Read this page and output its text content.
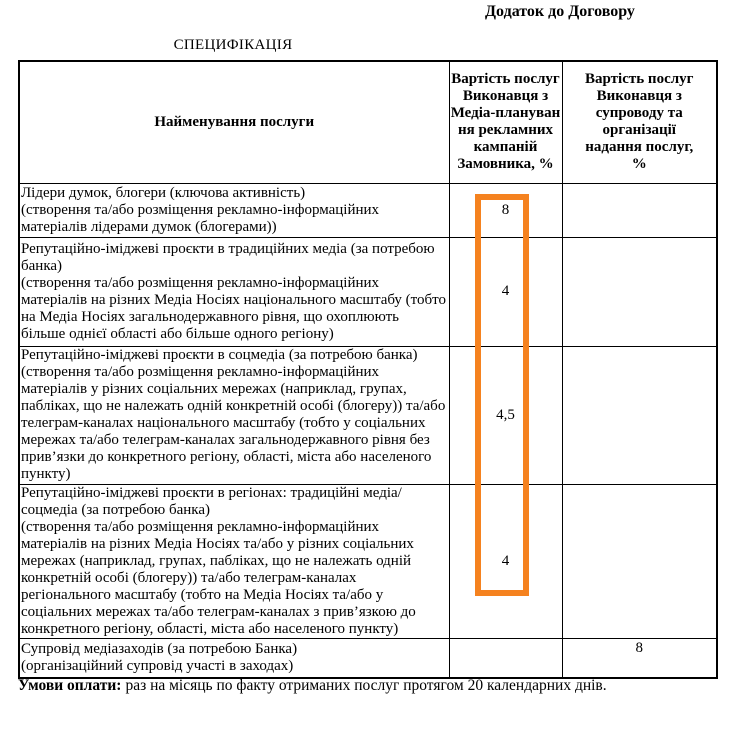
Додаток до Договору
СПЕЦИФІКАЦІЯ
Найменування послуги	Вартість послуг
Виконавця з
Медіа-плануван
ня рекламних
кампаній
Замовника, %	Вартість послуг
Виконавця з
супроводу та
організації
надання послуг,
%
Лідери думок, блогери (ключова активність)
(створення та/або розміщення рекламно-інформаційних матеріалів лідерами думок (блогерами))	8	
Репутаційно-іміджеві проєкти в традиційних медіа (за потребою банка)
(створення та/або розміщення рекламно-інформаційних матеріалів на різних Медіа Носіях національного масштабу (тобто на Медіа Носіях загальнодержавного рівня, що охоплюють більше однієї області або більше одного регіону)	4	
Репутаційно-іміджеві проєкти в соцмедіа (за потребою банка)
(створення та/або розміщення рекламно-інформаційних матеріалів у різних соціальних мережах (наприклад, групах, пабліках, що не належать одній конкретній особі (блогеру)) та/або телеграм-каналах національного масштабу (тобто у соціальних мережах та/або телеграм-каналах загальнодержавного рівня без прив’язки до конкретного регіону, області, міста або населеного пункту)	4,5	
Репутаційно-іміджеві проєкти в регіонах: традиційні медіа/соцмедіа (за потребою банка)
(створення та/або розміщення рекламно-інформаційних матеріалів на різних Медіа Носіях та/або у різних соціальних мережах (наприклад, групах, пабліках, що не належать одній конкретній особі (блогеру)) та/або телеграм-каналах регіонального масштабу (тобто на Медіа Носіях та/або у соціальних мережах та/або телеграм-каналах з прив’язкою до конкретного регіону, області, міста або населеного пункту)	4	
Супровід медіазаходів (за потребою Банка)
(організаційний супровід участі в заходах)		8
Умови оплати: раз на місяць по факту отриманих послуг протягом 20 календарних днів.
